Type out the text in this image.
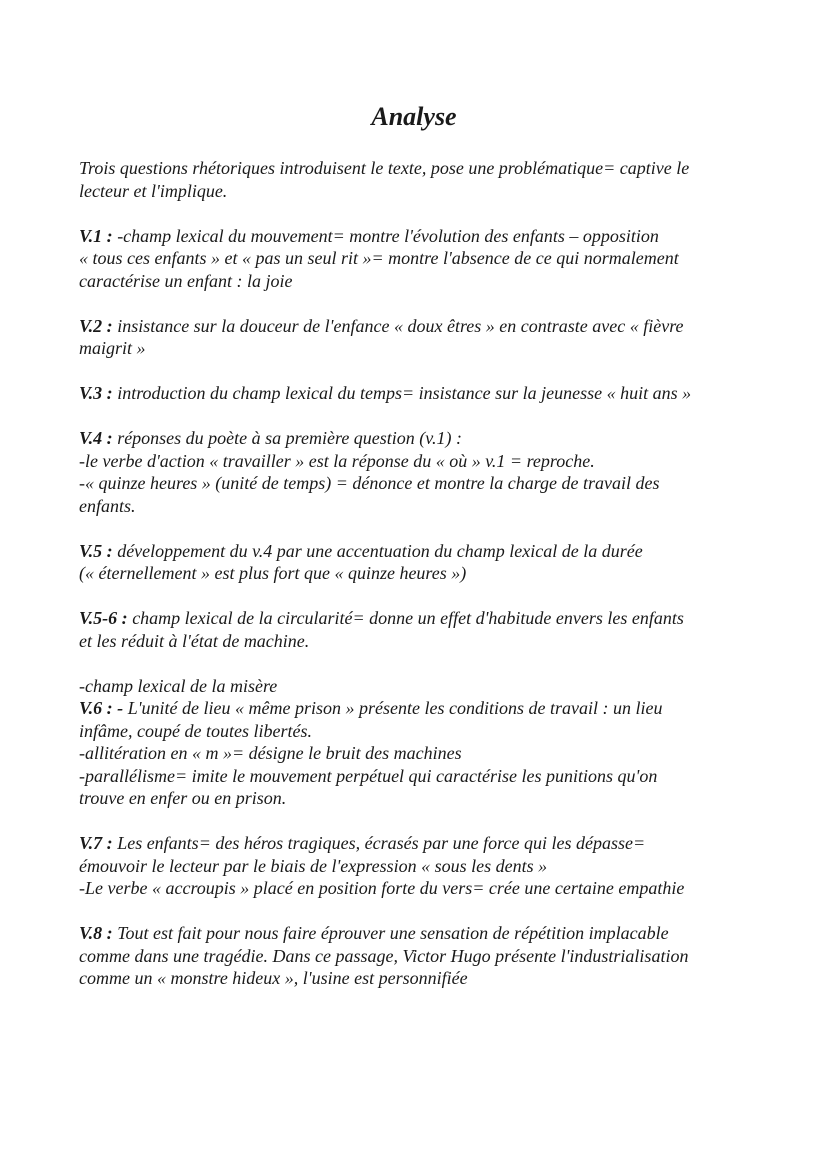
Analyse

Trois questions rhétoriques introduisent le texte, pose une problématique= captive le
lecteur et l'implique.

V.1 : -champ lexical du mouvement= montre l'évolution des enfants – opposition
« tous ces enfants » et « pas un seul rit »= montre l'absence de ce qui normalement
caractérise un enfant : la joie

V.2 : insistance sur la douceur de l'enfance « doux êtres » en contraste avec « fièvre
maigrit »

V.3 : introduction du champ lexical du temps= insistance sur la jeunesse « huit ans »

V.4 : réponses du poète à sa première question (v.1) :
-le verbe d'action « travailler » est la réponse du « où » v.1 = reproche.
-« quinze heures » (unité de temps) = dénonce et montre la charge de travail des
enfants.

V.5 : développement du v.4 par une accentuation du champ lexical de la durée
(« éternellement » est plus fort que « quinze heures »)

V.5-6 : champ lexical de la circularité= donne un effet d'habitude envers les enfants
et les réduit à l'état de machine.

-champ lexical de la misère
V.6 : - L'unité de lieu « même prison » présente les conditions de travail : un lieu
infâme, coupé de toutes libertés.
-allitération en « m »= désigne le bruit des machines
-parallélisme= imite le mouvement perpétuel qui caractérise les punitions qu'on
trouve en enfer ou en prison.

V.7 : Les enfants= des héros tragiques, écrasés par une force qui les dépasse=
émouvoir le lecteur par le biais de l'expression « sous les dents »
-Le verbe « accroupis » placé en position forte du vers= crée une certaine empathie

V.8 : Tout est fait pour nous faire éprouver une sensation de répétition implacable
comme dans une tragédie. Dans ce passage, Victor Hugo présente l'industrialisation
comme un « monstre hideux », l'usine est personnifiée
